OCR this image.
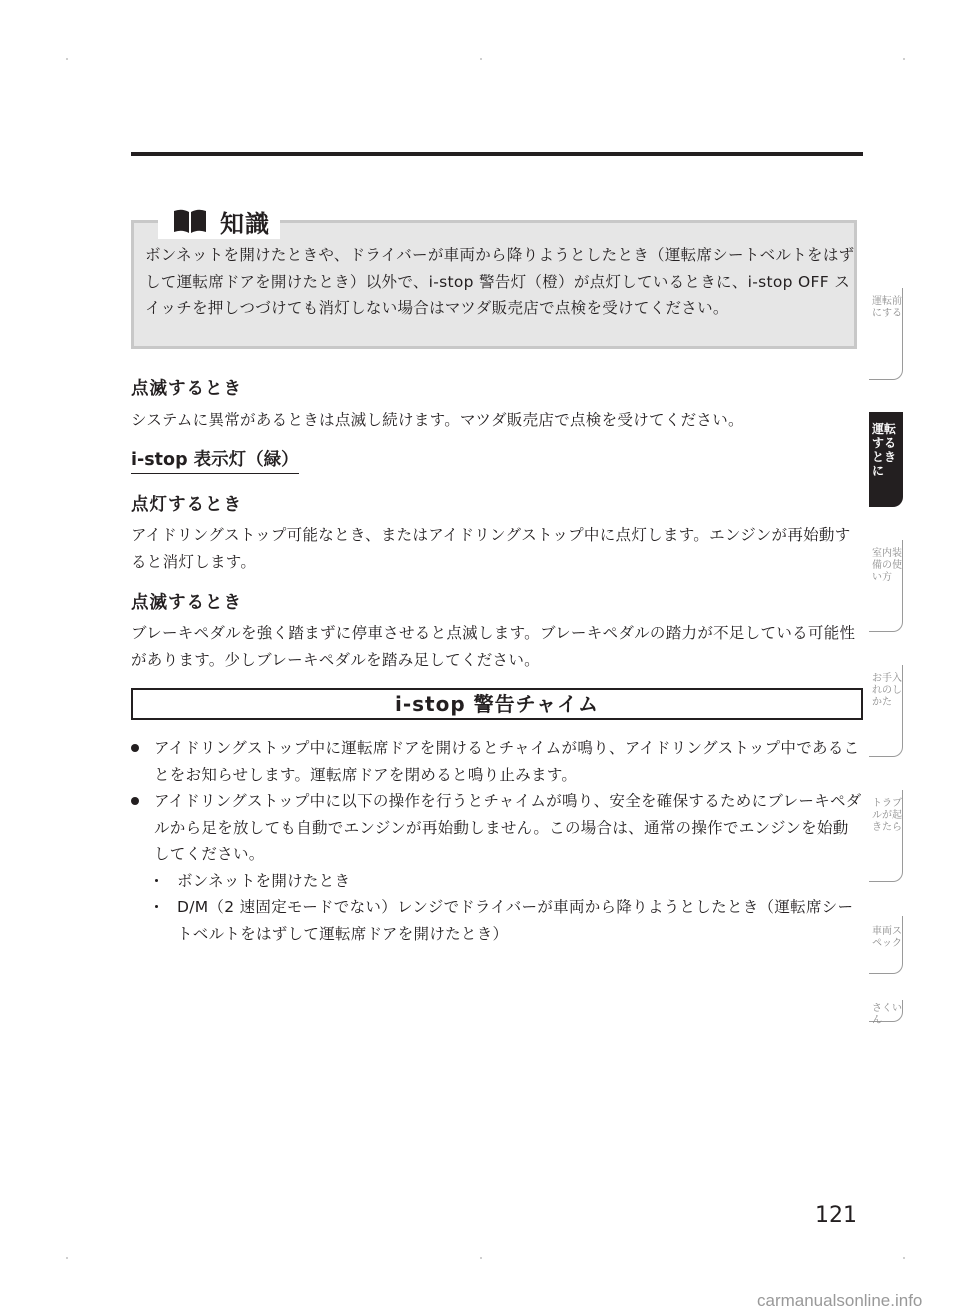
知識
ボンネットを開けたときや、ドライバーが車両から降りようとしたとき（運転席シートベルトをはずして運転席ドアを開けたとき）以外で、i-stop 警告灯（橙）が点灯しているときに、i-stop OFF スイッチを押しつづけても消灯しない場合はマツダ販売店で点検を受けてください。
点滅するとき
システムに異常があるときは点滅し続けます。マツダ販売店で点検を受けてください。
i-stop 表示灯（緑）
点灯するとき
アイドリングストップ可能なとき、またはアイドリングストップ中に点灯します。エンジンが再始動すると消灯します。
点滅するとき
ブレーキペダルを強く踏まずに停車させると点滅します。ブレーキペダルの踏力が不足している可能性があります。少しブレーキペダルを踏み足してください。
i-stop 警告チャイム
アイドリングストップ中に運転席ドアを開けるとチャイムが鳴り、アイドリングストップ中であることをお知らせします。運転席ドアを閉めると鳴り止みます。
アイドリングストップ中に以下の操作を行うとチャイムが鳴り、安全を確保するためにブレーキペダルから足を放しても自動でエンジンが再始動しません。この場合は、通常の操作でエンジンを始動してください。
ボンネットを開けたとき
D/M（2 速固定モードでない）レンジでドライバーが車両から降りようとしたとき（運転席シートベルトをはずして運転席ドアを開けたとき）
121
carmanualsonline.info
運転前にする
運転するときに
室内装備の使い方
お手入れのしかた
トラブルが起きたら
車両スペック
さくいん
